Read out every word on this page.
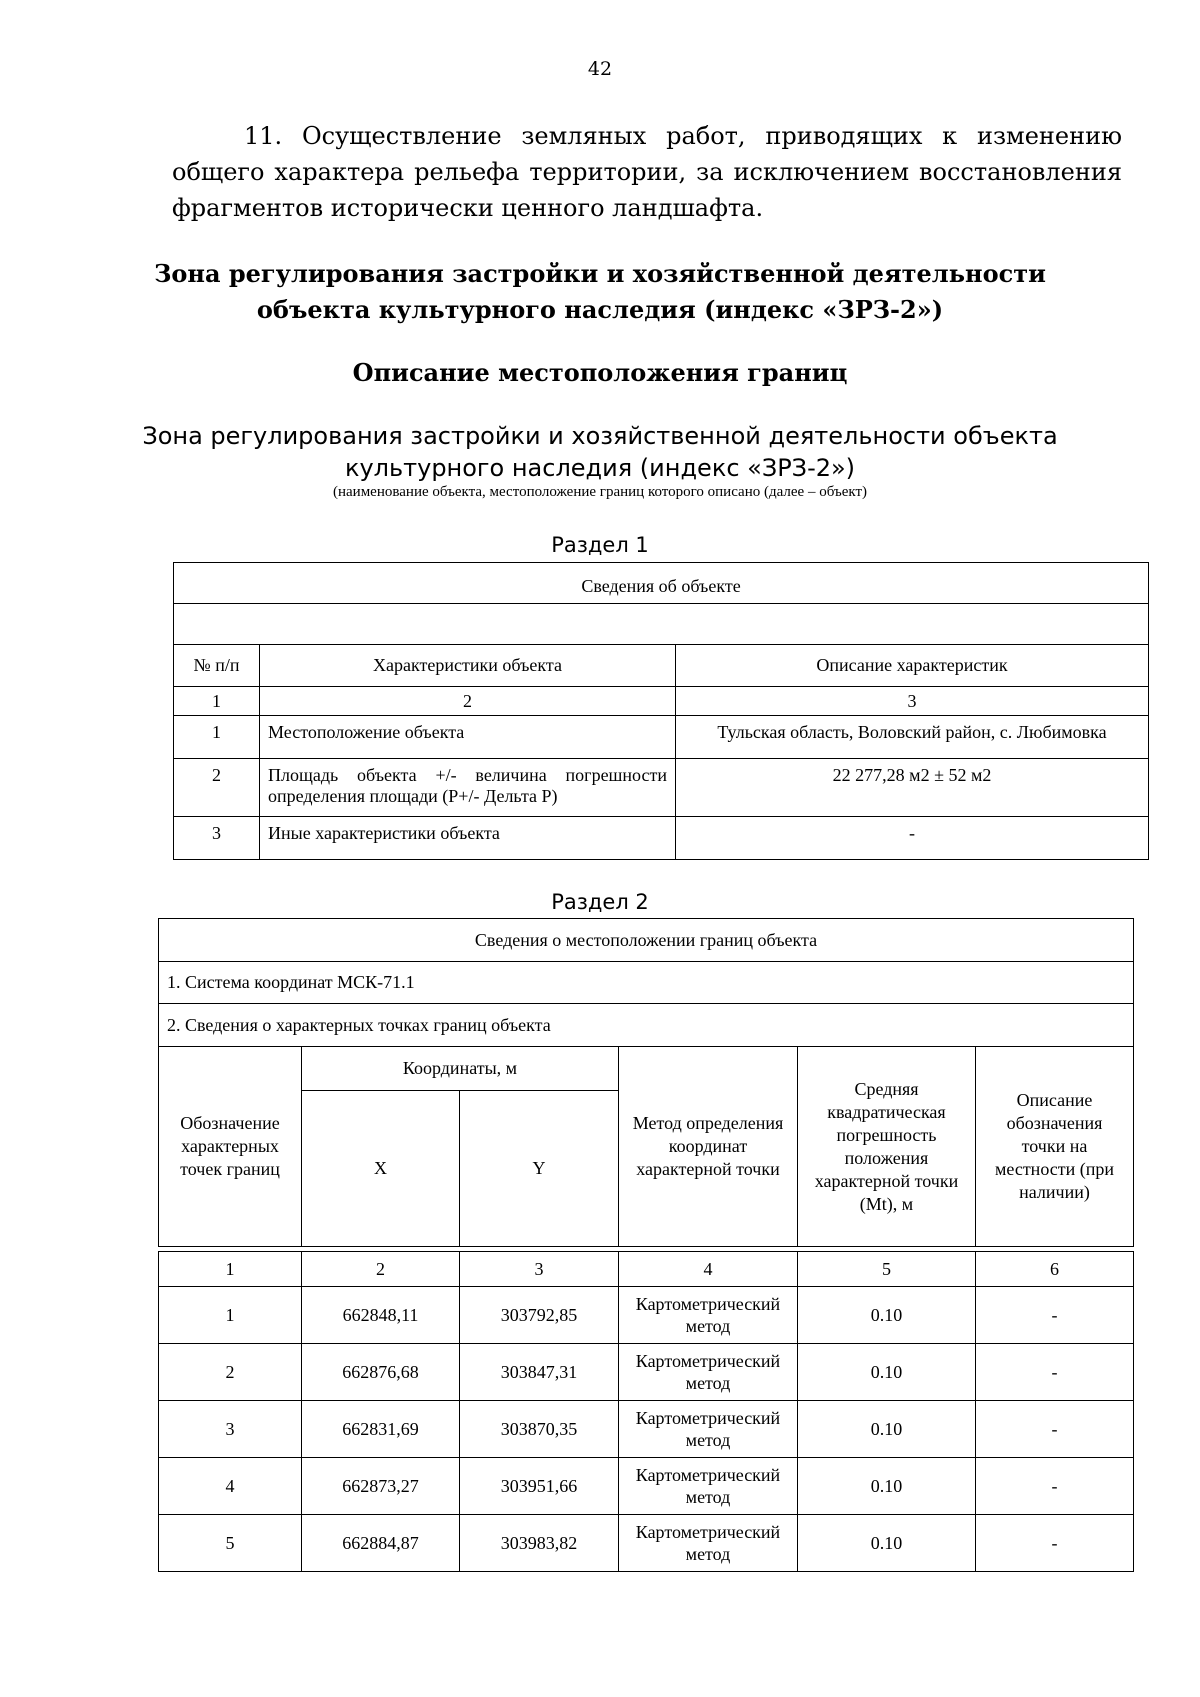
42

11. Осуществление земляных работ, приводящих к изменению общего характера рельефа территории, за исключением восстановления фрагментов исторически ценного ландшафта.

Зона регулирования застройки и хозяйственной деятельности
объекта культурного наследия (индекс «ЗРЗ-2»)
Описание местоположения границ
Зона регулирования застройки и хозяйственной деятельности объекта
культурного наследия (индекс «ЗРЗ-2»)
(наименование объекта, местоположение границ которого описано (далее – объект)
Раздел 1
Сведения об объекте		

№ п/п	Характеристики объекта	Описание характеристик
1	2	3
1	Местоположение объекта	Тульская область, Воловский район, с. Любимовка
2	Площадь объекта +/- величина погрешности определения площади (Р+/- Дельта Р)	22 277,28 м2 ± 52 м2
3	Иные характеристики объекта	-
Раздел 2
Сведения о местоположении границ объекта					
1. Система координат МСК-71.1					
2. Сведения о характерных точках границ объекта					
Обозначение характерных точек границ	Координаты, м		Метод определения координат характерной точки	Средняя квадратическая погрешность положения характерной точки (Mt), м	Описание обозначения точки на местности (при наличии)
	X	Y			

1	2	3	4	5	6
1	662848,11	303792,85	Картометрический метод	0.10	-
2	662876,68	303847,31	Картометрический метод	0.10	-
3	662831,69	303870,35	Картометрический метод	0.10	-
4	662873,27	303951,66	Картометрический метод	0.10	-
5	662884,87	303983,82	Картометрический метод	0.10	-
